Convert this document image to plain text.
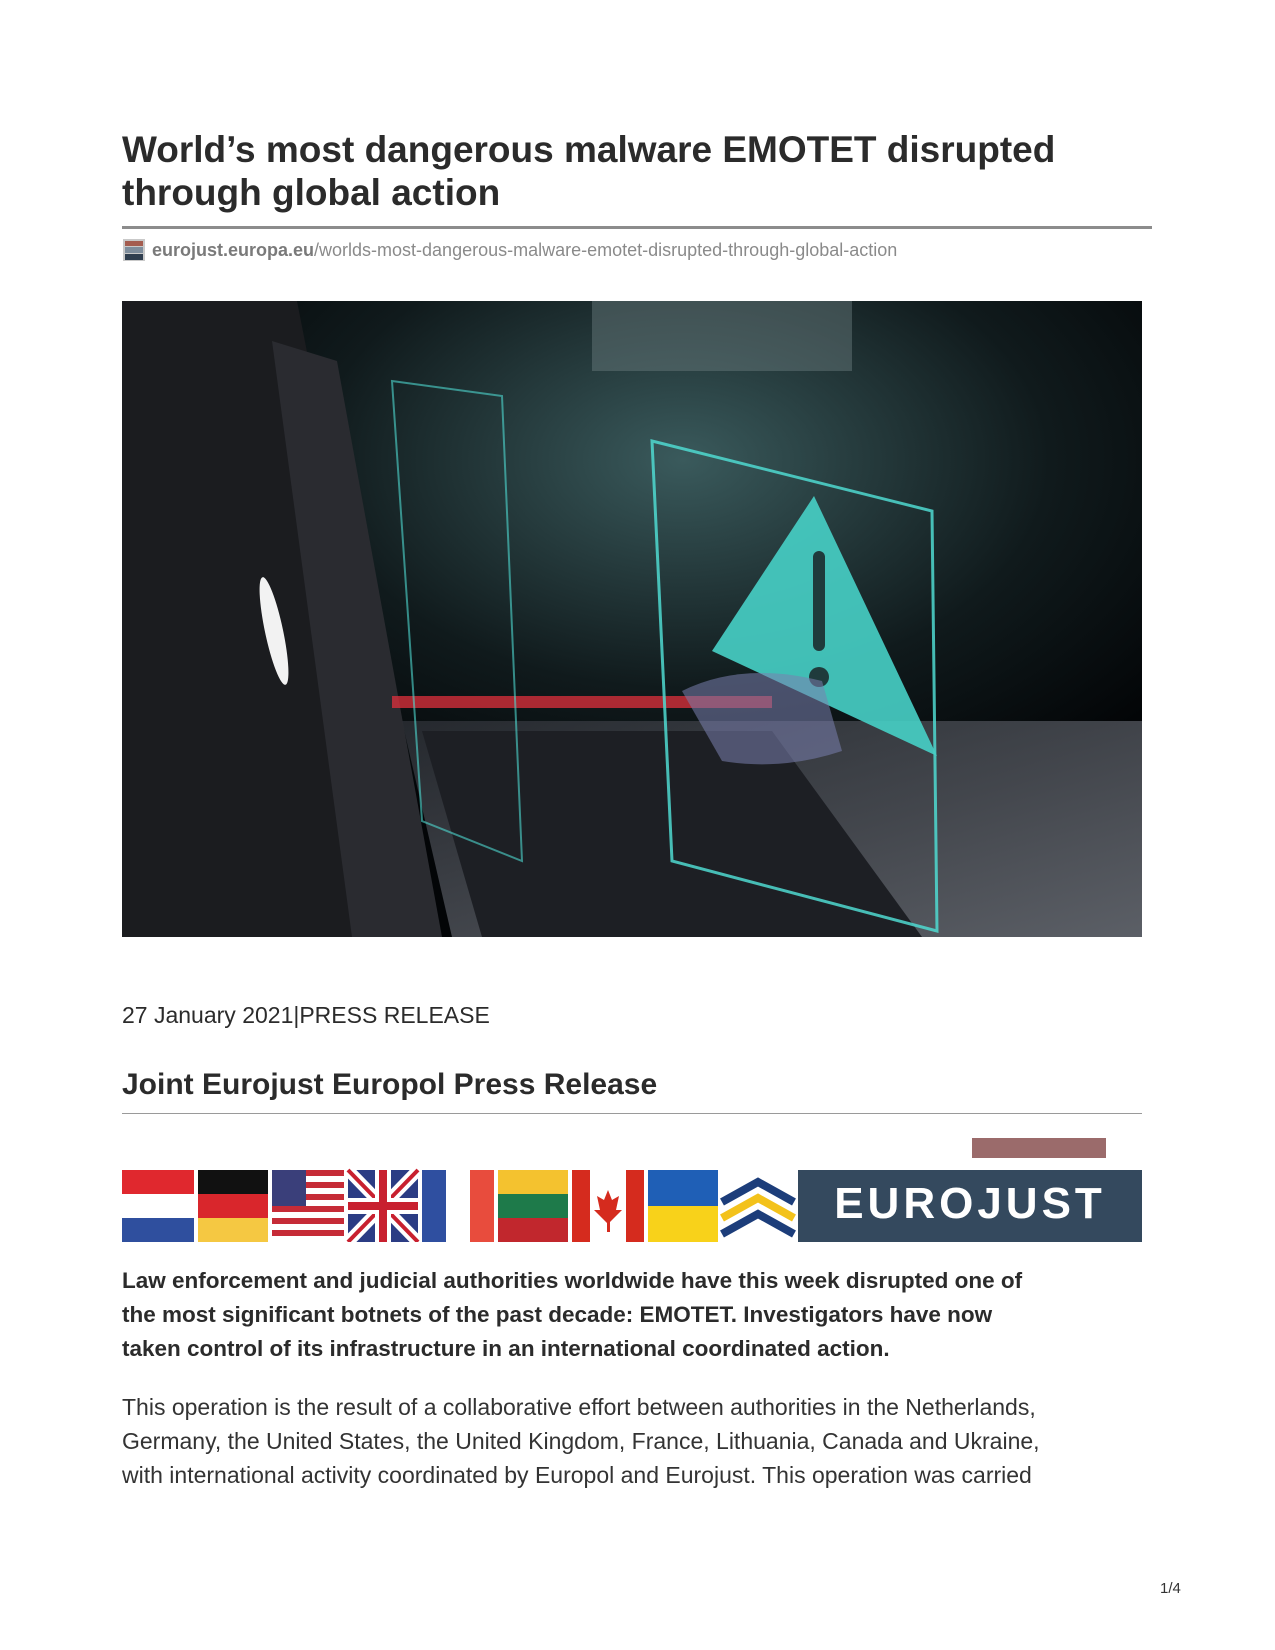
World’s most dangerous malware EMOTET disrupted
through global action
eurojust.europa.eu /worlds-most-dangerous-malware-emotet-disrupted-through-global-action
27 January 2021|PRESS RELEASE
Joint Eurojust Europol Press Release
EUROJUST

Law enforcement and judicial authorities worldwide have this week disrupted one of
the most significant botnets of the past decade: EMOTET. Investigators have now
taken control of its infrastructure in an international coordinated action.

This operation is the result of a collaborative effort between authorities in the Netherlands,
Germany, the United States, the United Kingdom, France, Lithuania, Canada and Ukraine,
with international activity coordinated by Europol and Eurojust. This operation was carried

1/4
